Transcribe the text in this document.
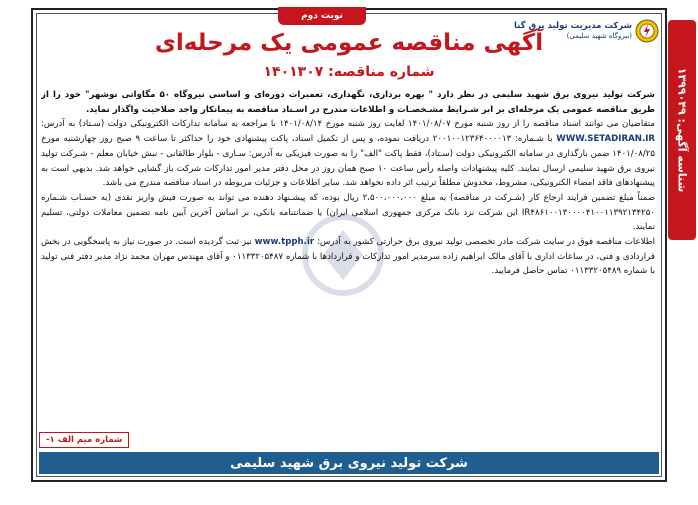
شناسه آگهی: ۱۳۹۹۰۴۹
نوبت دوم
شرکت مدیریت تولید برق گنا
(نیروگاه شهید سلیمی)
آگهی مناقصه عمومی یک مرحله‌ای
شماره مناقصه: ۱۴۰۱۳۰۷

شرکت تولید نیروی برق شهید سلیمی در نظر دارد " بهره برداری، نگهداری، تعمیرات دوره‌ای و اساسی نیروگاه ۵۰ مگاواتی نوشهر" خود را از طریق مناقصه عمومی یک مرحله‌ای بر ابر شـرایط مشـخصـات و اطلاعات مندرج در اسـناد مناقصه به پیمانکار واجد صلاحیت واگذار نماید.

متقاضیان می توانند اسناد مناقصه را از روز شنبه مورخ ۱۴۰۱/۰۸/۰۷ لغایت روز شنبه مورخ ۱۴۰۱/۰۸/۱۴ با مراجعه به سامانه تدارکات الکترونیکی دولت (سـتاد) به آدرس: WWW.SETADIRAN.IR با شـماره: ۲۰۰۱۰۰۱۲۳۶۴۰۰۰۰۱۳ دریافت نموده، و پس از تکمیل اسناد، پاکت پیشنهادی خود را حداکثر تا ساعت ۹ صبح روز چهارشنبه مورخ ۱۴۰۱/۰۸/۲۵ ضمن بارگذاری در سامانه الکترونیکی دولت (سـتاد)، فقط پاکت "الف" را به صورت فیزیکی به آدرس: سـاری - بلوار طالقانی - نبش خیابان معلم - شـرکت تولید نیروی برق شهید سلیمی ارسال نمایند. کلیه پیشنهادات واصله رأس ساعت ۱۰ صبح همان روز در محل دفتر مدیر امور تدارکات شرکت باز گشایی خواهد شد. بدیهی است به پیشنهادهای فاقد امضاء الکترونیکی، مشروط، مخدوش مطلقاً ترتیب اثر داده نخواهد شد. سایر اطلاعات و جزئیات مربوطه در اسناد مناقصه مندرج می باشد.

ضمناً مبلغ تضمین فرایند ارجاع کار (شـرکت در مناقصه) به مبلغ ۲،۵۰۰،۰۰۰،۰۰۰ ریال بوده، که پیشـنهاد دهنده می تواند به صورت فیش واریز نقدی (به حسـاب شـماره IR۴۸۶۱۰۰۱۳۰۰۰۰۴۱۰۰۱۱۳۹۲۱۳۴۲۵۰ این شرکت نزد بانک مرکزی جمهوری اسلامی ایران) یا ضمانتنامه بانکی، بر اساس آخرین آیین نامه تضمین معاملات دولتی، تسلیم نمایند.

اطلاعات مناقصه فوق در سایت شرکت مادر تخصصی تولید نیروی برق حرارتی کشور به آدرس: www.tpph.ir نیز ثبت گردیده است. در صورت نیاز به پاسخگویی در بخش قراردادی و فنی، در ساعات اداری با آقای مالک ابراهیم زاده سرمدیر امور تدارکات و قراردادها با شماره ۰۱۱۳۳۲۰۵۴۸۷ و آقای مهندس مهران محمد نژاد مدیر دفتر فنی تولید با شماره ۰۱۱۳۳۲۰۵۴۸۹ تماس حاصل فرمایید.

شماره میم الف ۱-
شرکت تولید نیروی برق شهید سلیمی
